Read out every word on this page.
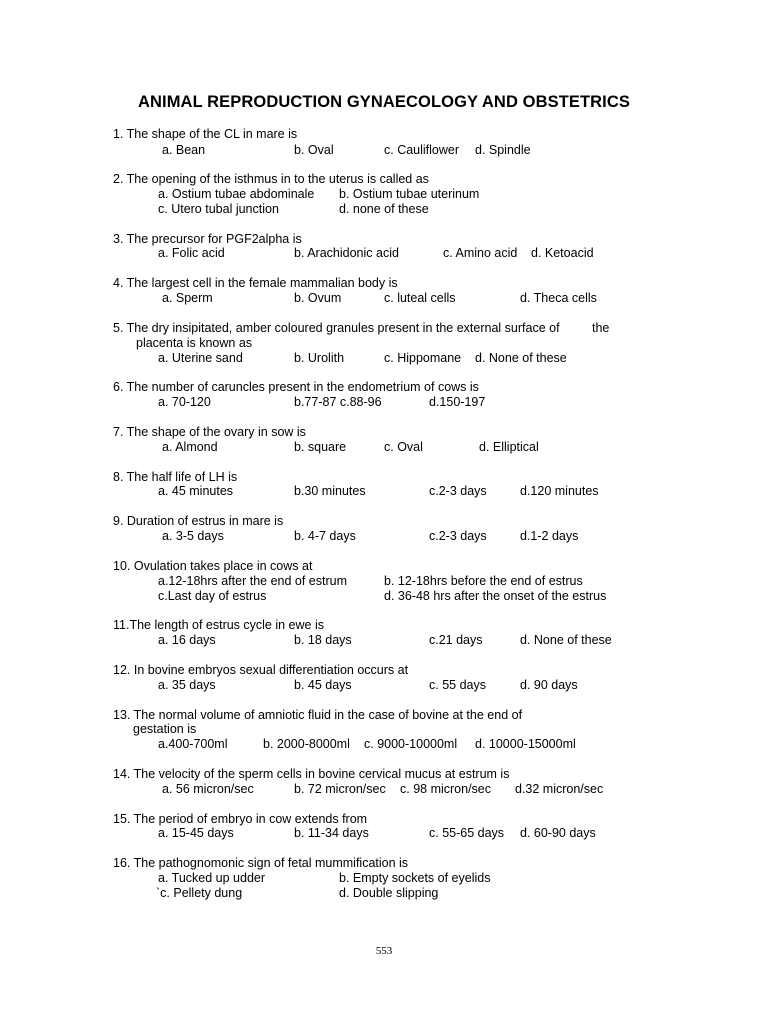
ANIMAL REPRODUCTION GYNAECOLOGY AND OBSTETRICS
1. The shape of the CL in mare is
a. Bean	b. Oval	c. Cauliflower d. Spindle
2. The opening of the isthmus in to the uterus is called as
a. Ostium tubae abdominale b. Ostium tubae uterinum
c. Utero tubal junction	d. none of these
3. The precursor for PGF2alpha is
a. Folic acid	b. Arachidonic acid	c. Amino acid d. Ketoacid
4. The largest cell in the female mammalian body is
a. Sperm	b. Ovum	c. luteal cells	d. Theca cells
5. The dry insipitated, amber coloured granules present in the external surface of	the
placenta is known as
a. Uterine sand	b. Urolith	c. Hippomane d. None of these
6. The number of caruncles present in the endometrium of cows is
a. 70-120	b.77-87 c.88-96	d.150-197
7. The shape of the ovary in sow is
a. Almond	b. square	c. Oval	d. Elliptical
8. The half life of LH is
a. 45 minutes	b.30 minutes	c.2-3 days	d.120 minutes
9. Duration of estrus in mare is
a. 3-5 days	b. 4-7 days	c.2-3 days	d.1-2 days
10. Ovulation takes place in cows at
a.12-18hrs after the end of estrum	b. 12-18hrs before the end of estrus
c.Last day of estrus	d. 36-48 hrs after the onset of the estrus
11.The length of estrus cycle in ewe is
a. 16 days	b. 18 days	c.21 days	d. None of these
12. In bovine embryos sexual differentiation occurs at
a. 35 days	b. 45 days	c. 55 days	d. 90 days
13. The normal volume of amniotic fluid in the case of bovine at the end of
gestation is
a.400-700ml	b. 2000-8000ml c. 9000-10000ml d. 10000-15000ml
14. The velocity of the sperm cells in bovine cervical mucus at estrum is
a. 56 micron/sec	b. 72 micron/sec c. 98 micron/sec d.32 micron/sec
15. The period of embryo in cow extends from
a. 15-45 days	b. 11-34 days	c. 55-65 days d. 60-90 days
16. The pathognomonic sign of fetal mummification is
a. Tucked up udder	b. Empty sockets of eyelids
`c. Pellety dung	d. Double slipping
553
